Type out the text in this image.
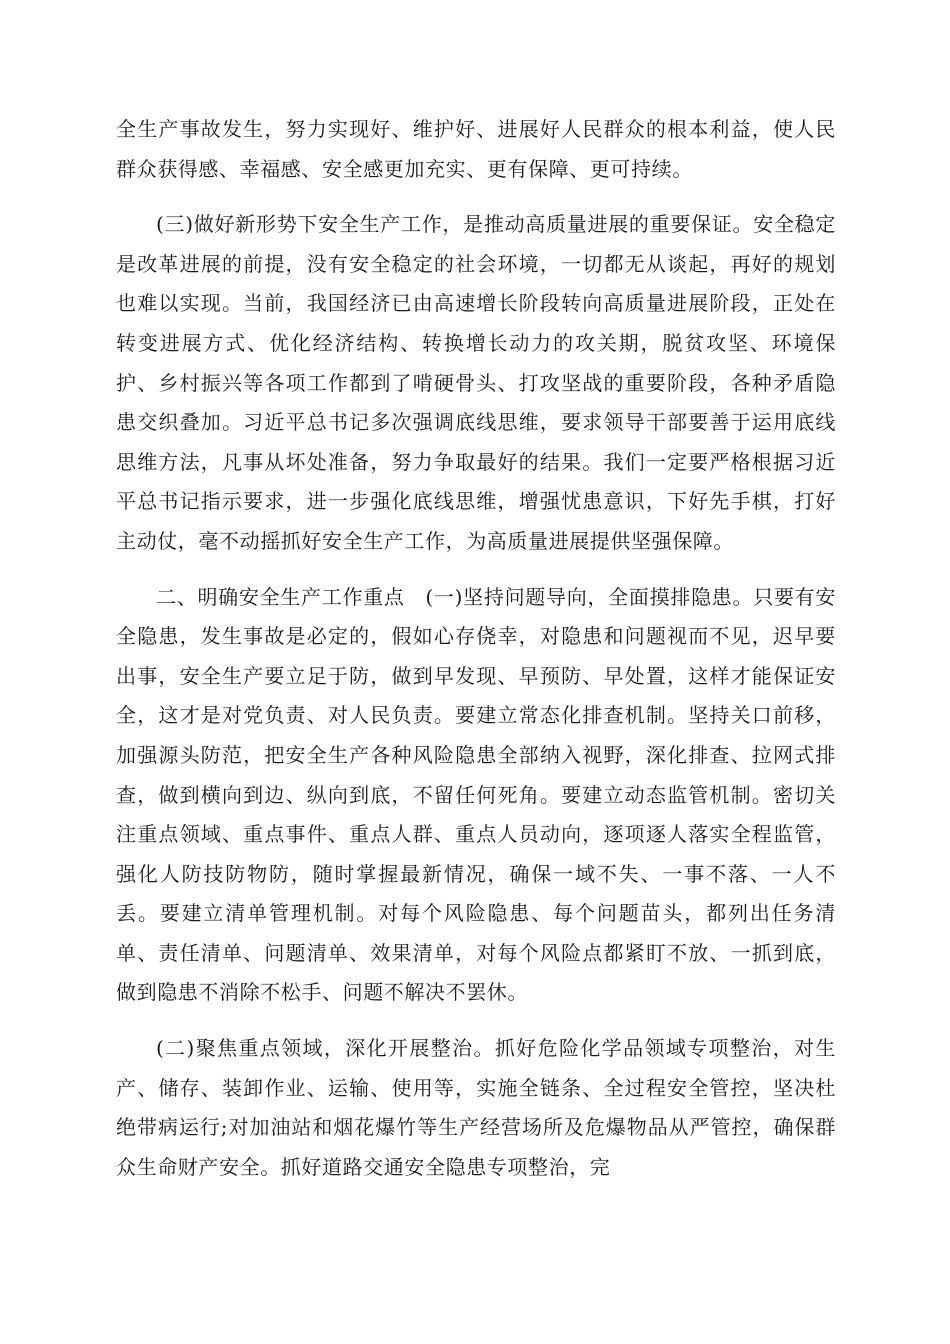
全生产事故发生，努力实现好、维护好、进展好人民群众的根本利益，使人民群众获得感、幸福感、安全感更加充实、更有保障、更可持续。

(三)做好新形势下安全生产工作，是推动高质量进展的重要保证。安全稳定是改革进展的前提，没有安全稳定的社会环境，一切都无从谈起，再好的规划也难以实现。当前，我国经济已由高速增长阶段转向高质量进展阶段，正处在转变进展方式、优化经济结构、转换增长动力的攻关期，脱贫攻坚、环境保护、乡村振兴等各项工作都到了啃硬骨头、打攻坚战的重要阶段，各种矛盾隐患交织叠加。习近平总书记多次强调底线思维，要求领导干部要善于运用底线思维方法，凡事从坏处准备，努力争取最好的结果。我们一定要严格根据习近平总书记指示要求，进一步强化底线思维，增强忧患意识，下好先手棋，打好主动仗，毫不动摇抓好安全生产工作，为高质量进展提供坚强保障。

二、明确安全生产工作重点　(一)坚持问题导向，全面摸排隐患。只要有安全隐患，发生事故是必定的，假如心存侥幸，对隐患和问题视而不见，迟早要出事，安全生产要立足于防，做到早发现、早预防、早处置，这样才能保证安全，这才是对党负责、对人民负责。要建立常态化排查机制。坚持关口前移，加强源头防范，把安全生产各种风险隐患全部纳入视野，深化排查、拉网式排查，做到横向到边、纵向到底，不留任何死角。要建立动态监管机制。密切关注重点领域、重点事件、重点人群、重点人员动向，逐项逐人落实全程监管，强化人防技防物防，随时掌握最新情况，确保一域不失、一事不落、一人不丢。要建立清单管理机制。对每个风险隐患、每个问题苗头，都列出任务清单、责任清单、问题清单、效果清单，对每个风险点都紧盯不放、一抓到底，做到隐患不消除不松手、问题不解决不罢休。

(二)聚焦重点领域，深化开展整治。抓好危险化学品领域专项整治，对生产、储存、装卸作业、运输、使用等，实施全链条、全过程安全管控，坚决杜绝带病运行;对加油站和烟花爆竹等生产经营场所及危爆物品从严管控，确保群众生命财产安全。抓好道路交通安全隐患专项整治，完
